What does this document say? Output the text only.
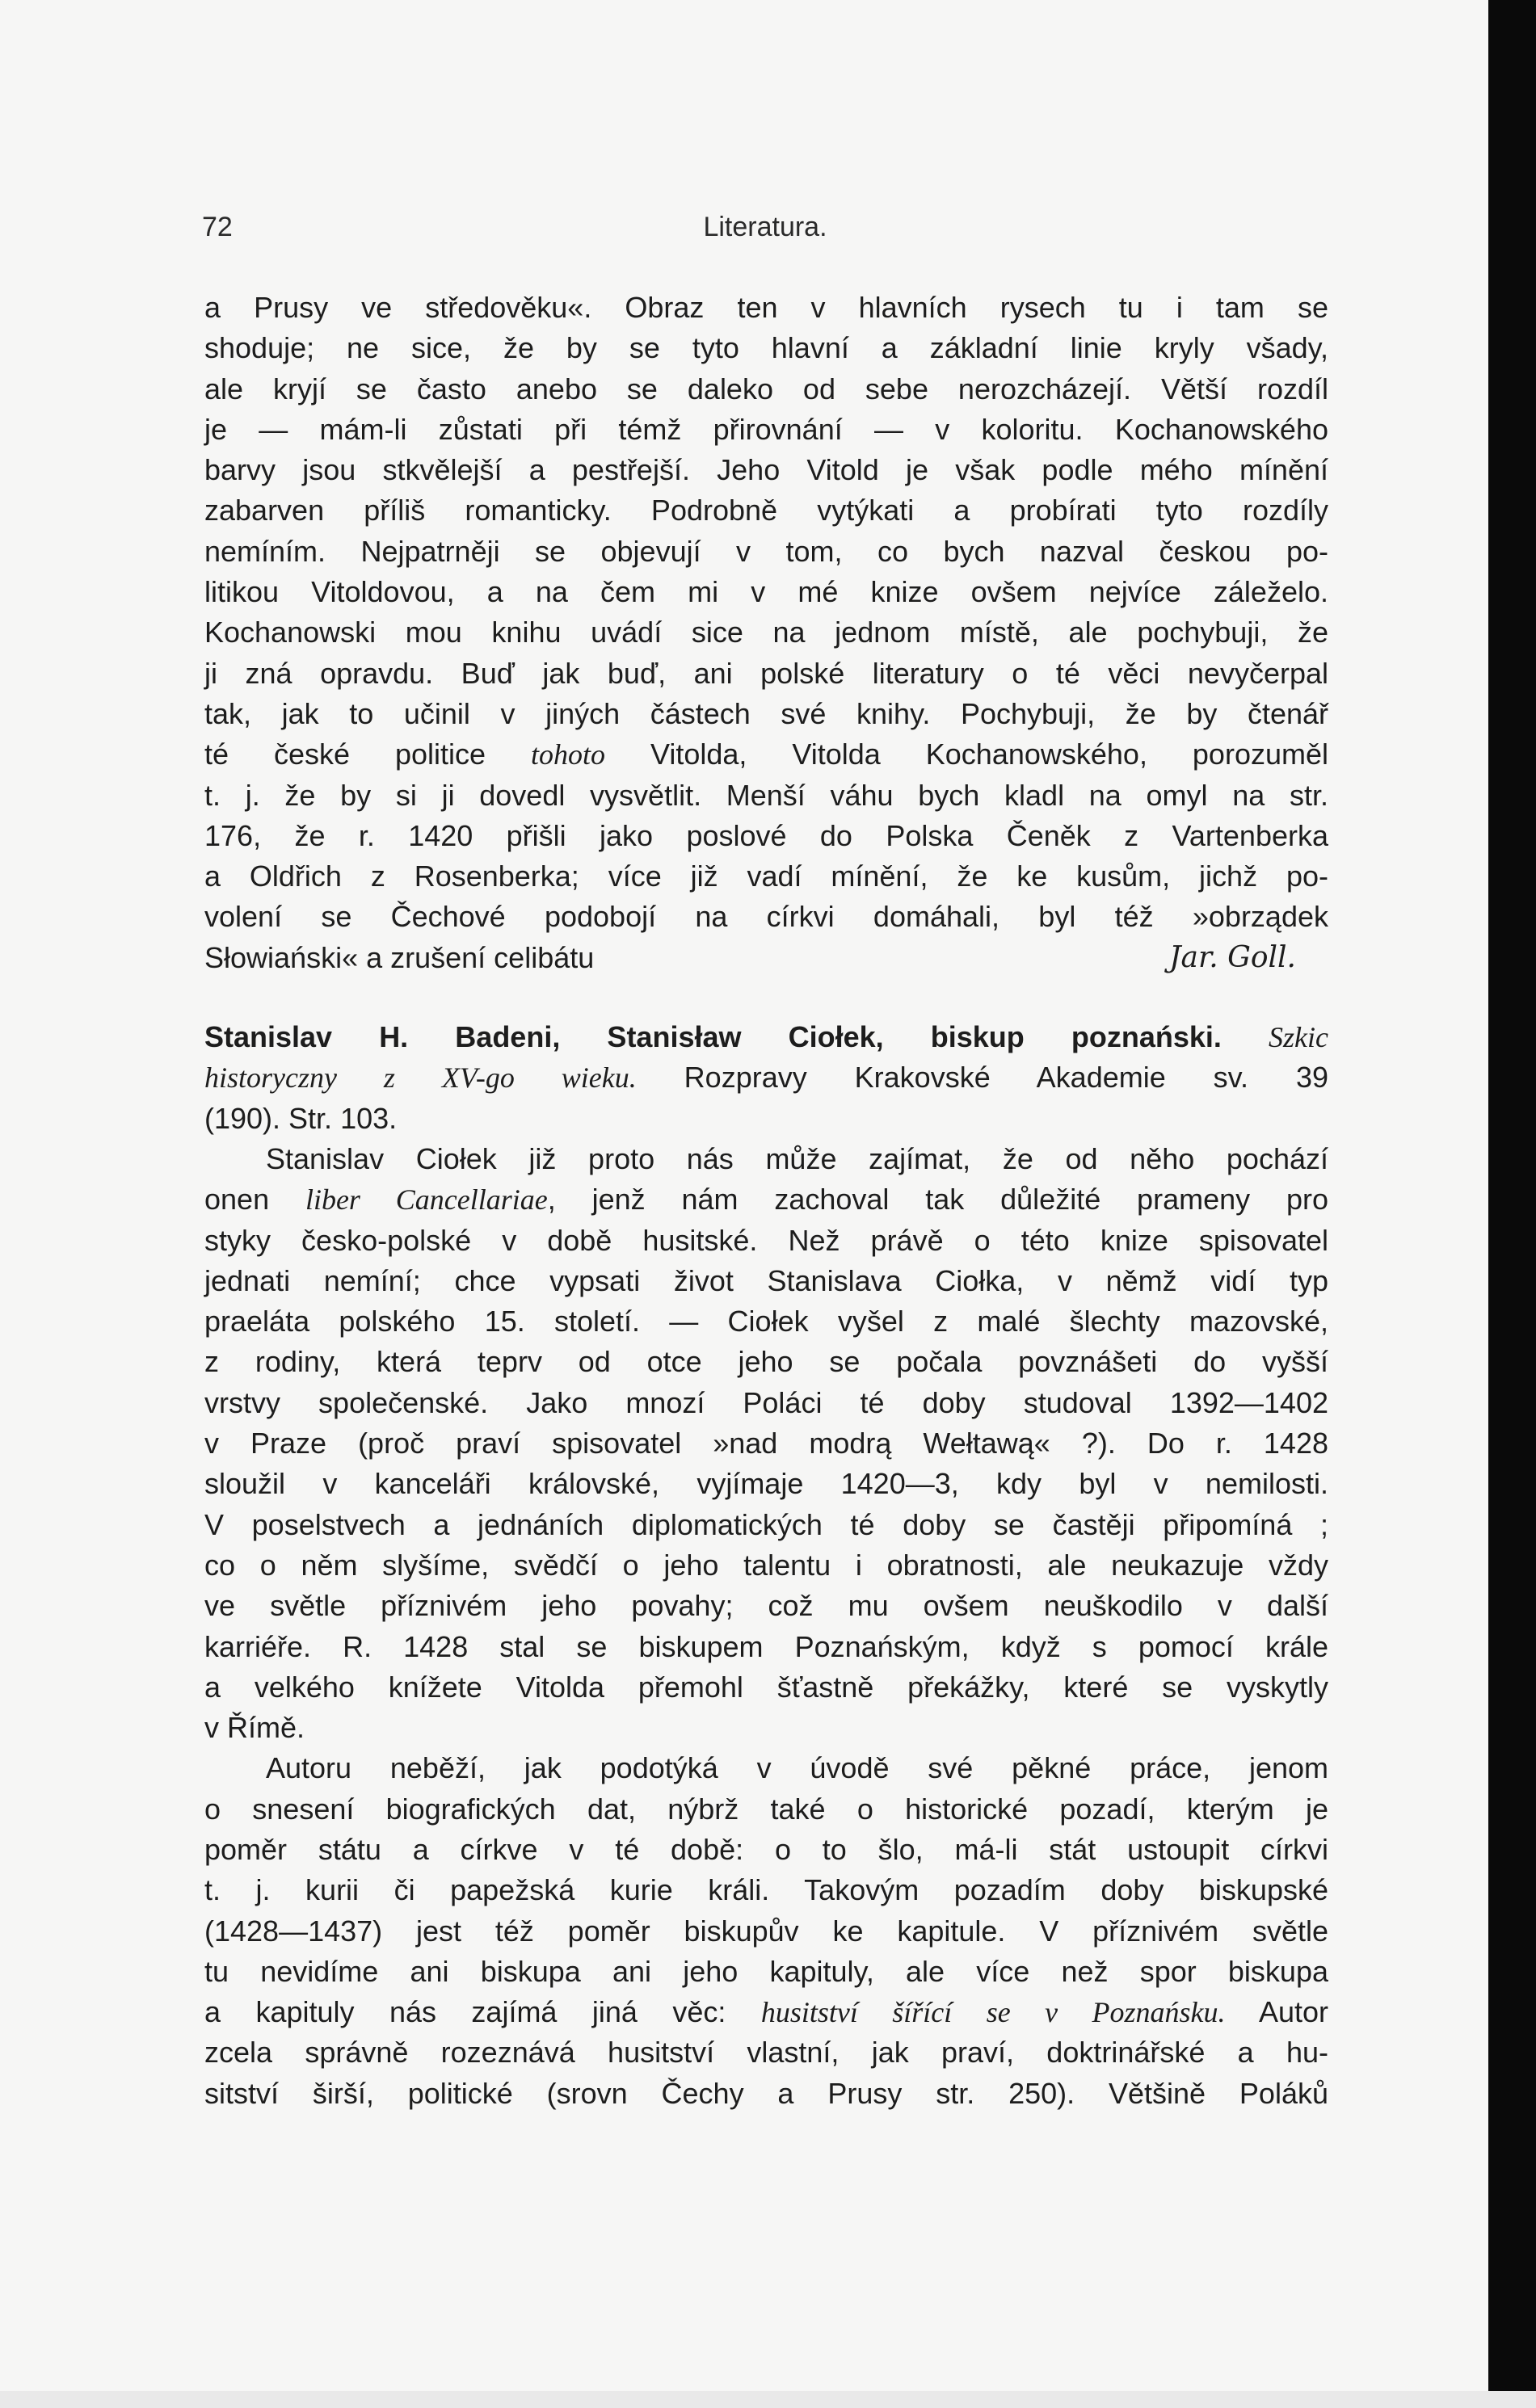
72	Literatura.
a Prusy ve středověku«. Obraz ten v hlavních rysech tu i tam se
shoduje; ne sice, že by se tyto hlavní a základní linie kryly všady,
ale kryjí se často anebo se daleko od sebe nerozcházejí. Větší rozdíl
je — mám-li zůstati při témž přirovnání — v koloritu. Kochanowského
barvy jsou stkvělejší a pestřejší. Jeho Vitold je však podle mého mínění
zabarven příliš romanticky. Podrobně vytýkati a probírati tyto rozdíly
nemíním. Nejpatrněji se objevují v tom, co bych nazval českou po-
litikou Vitoldovou, a na čem mi v mé knize ovšem nejvíce záleželo.
Kochanowski mou knihu uvádí sice na jednom místě, ale pochybuji, že
ji zná opravdu. Buď jak buď, ani polské literatury o té věci nevyčerpal
tak, jak to učinil v jiných částech své knihy. Pochybuji, že by čtenář
té české politice tohoto Vitolda, Vitolda Kochanowského, porozuměl
t. j. že by si ji dovedl vysvětlit. Menší váhu bych kladl na omyl na str.
176, že r. 1420 přišli jako poslové do Polska Čeněk z Vartenberka
a Oldřich z Rosenberka; více již vadí mínění, že ke kusům, jichž po-
volení se Čechové podobojí na církvi domáhali, byl též »obrządek
Słowiański« a zrušení celibátu	Jar. Goll.
Stanislav H. Badeni, Stanisław Ciołek, biskup poznański. Szkic
historyczny z XV-go wieku. Rozpravy Krakovské Akademie sv. 39
(190). Str. 103.
Stanislav Ciołek již proto nás může zajímat, že od něho pochází
onen liber Cancellariae, jenž nám zachoval tak důležité prameny pro
styky česko-polské v době husitské. Než právě o této knize spisovatel
jednati nemíní; chce vypsati život Stanislava Ciołka, v němž vidí typ
praeláta polského 15. století. — Ciołek vyšel z malé šlechty mazovské,
z rodiny, která teprv od otce jeho se počala povznášeti do vyšší
vrstvy společenské. Jako mnozí Poláci té doby studoval 1392—1402
v Praze (proč praví spisovatel »nad modrą Wełtawą« ?). Do r. 1428
sloužil v kanceláři královské, vyjímaje 1420—3, kdy byl v nemilosti.
V poselstvech a jednáních diplomatických té doby se častěji připomíná ;
co o něm slyšíme, svědčí o jeho talentu i obratnosti, ale neukazuje vždy
ve světle příznivém jeho povahy; což mu ovšem neuškodilo v další
karriéře. R. 1428 stal se biskupem Poznańským, když s pomocí krále
a velkého knížete Vitolda přemohl šťastně překážky, které se vyskytly
v Římě.
Autoru neběží, jak podotýká v úvodě své pěkné práce, jenom
o snesení biografických dat, nýbrž také o historické pozadí, kterým je
poměr státu a církve v té době: o to šlo, má-li stát ustoupit církvi
t. j. kurii či papežská kurie králi. Takovým pozadím doby biskupské
(1428—1437) jest též poměr biskupův ke kapitule. V příznivém světle
tu nevidíme ani biskupa ani jeho kapituly, ale více než spor biskupa
a kapituly nás zajímá jiná věc: husitství šířící se v Poznańsku. Autor
zcela správně rozeznává husitství vlastní, jak praví, doktrinářské a hu-
sitství širší, politické (srovn Čechy a Prusy str. 250). Většině Poláků
